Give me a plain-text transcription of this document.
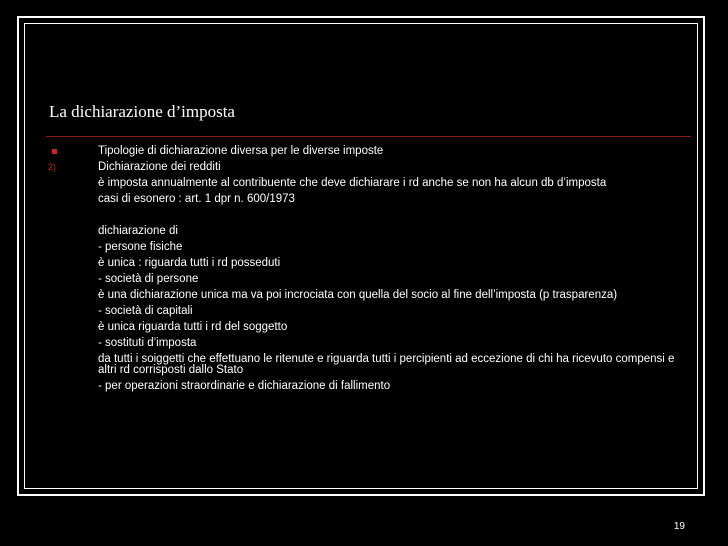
La dichiarazione d’imposta
Tipologie di dichiarazione diversa per le diverse imposte
2)	Dichiarazione dei redditi
è imposta annualmente al contribuente che deve dichiarare i rd anche se non ha alcun db d’imposta
casi di esonero : art. 1 dpr n. 600/1973
dichiarazione di
- persone fisiche
è unica : riguarda tutti i rd posseduti
- società di persone
è una dichiarazione unica ma va poi incrociata con quella del socio al fine dell’imposta (p trasparenza)
- società di capitali
è unica riguarda tutti i rd del soggetto
- sostituti d’imposta
da tutti i soiggetti che effettuano le ritenute e riguarda tutti i percipienti ad eccezione di chi ha ricevuto compensi e altri rd corrisposti dallo Stato
- per operazioni straordinarie e dichiarazione di fallimento
19
